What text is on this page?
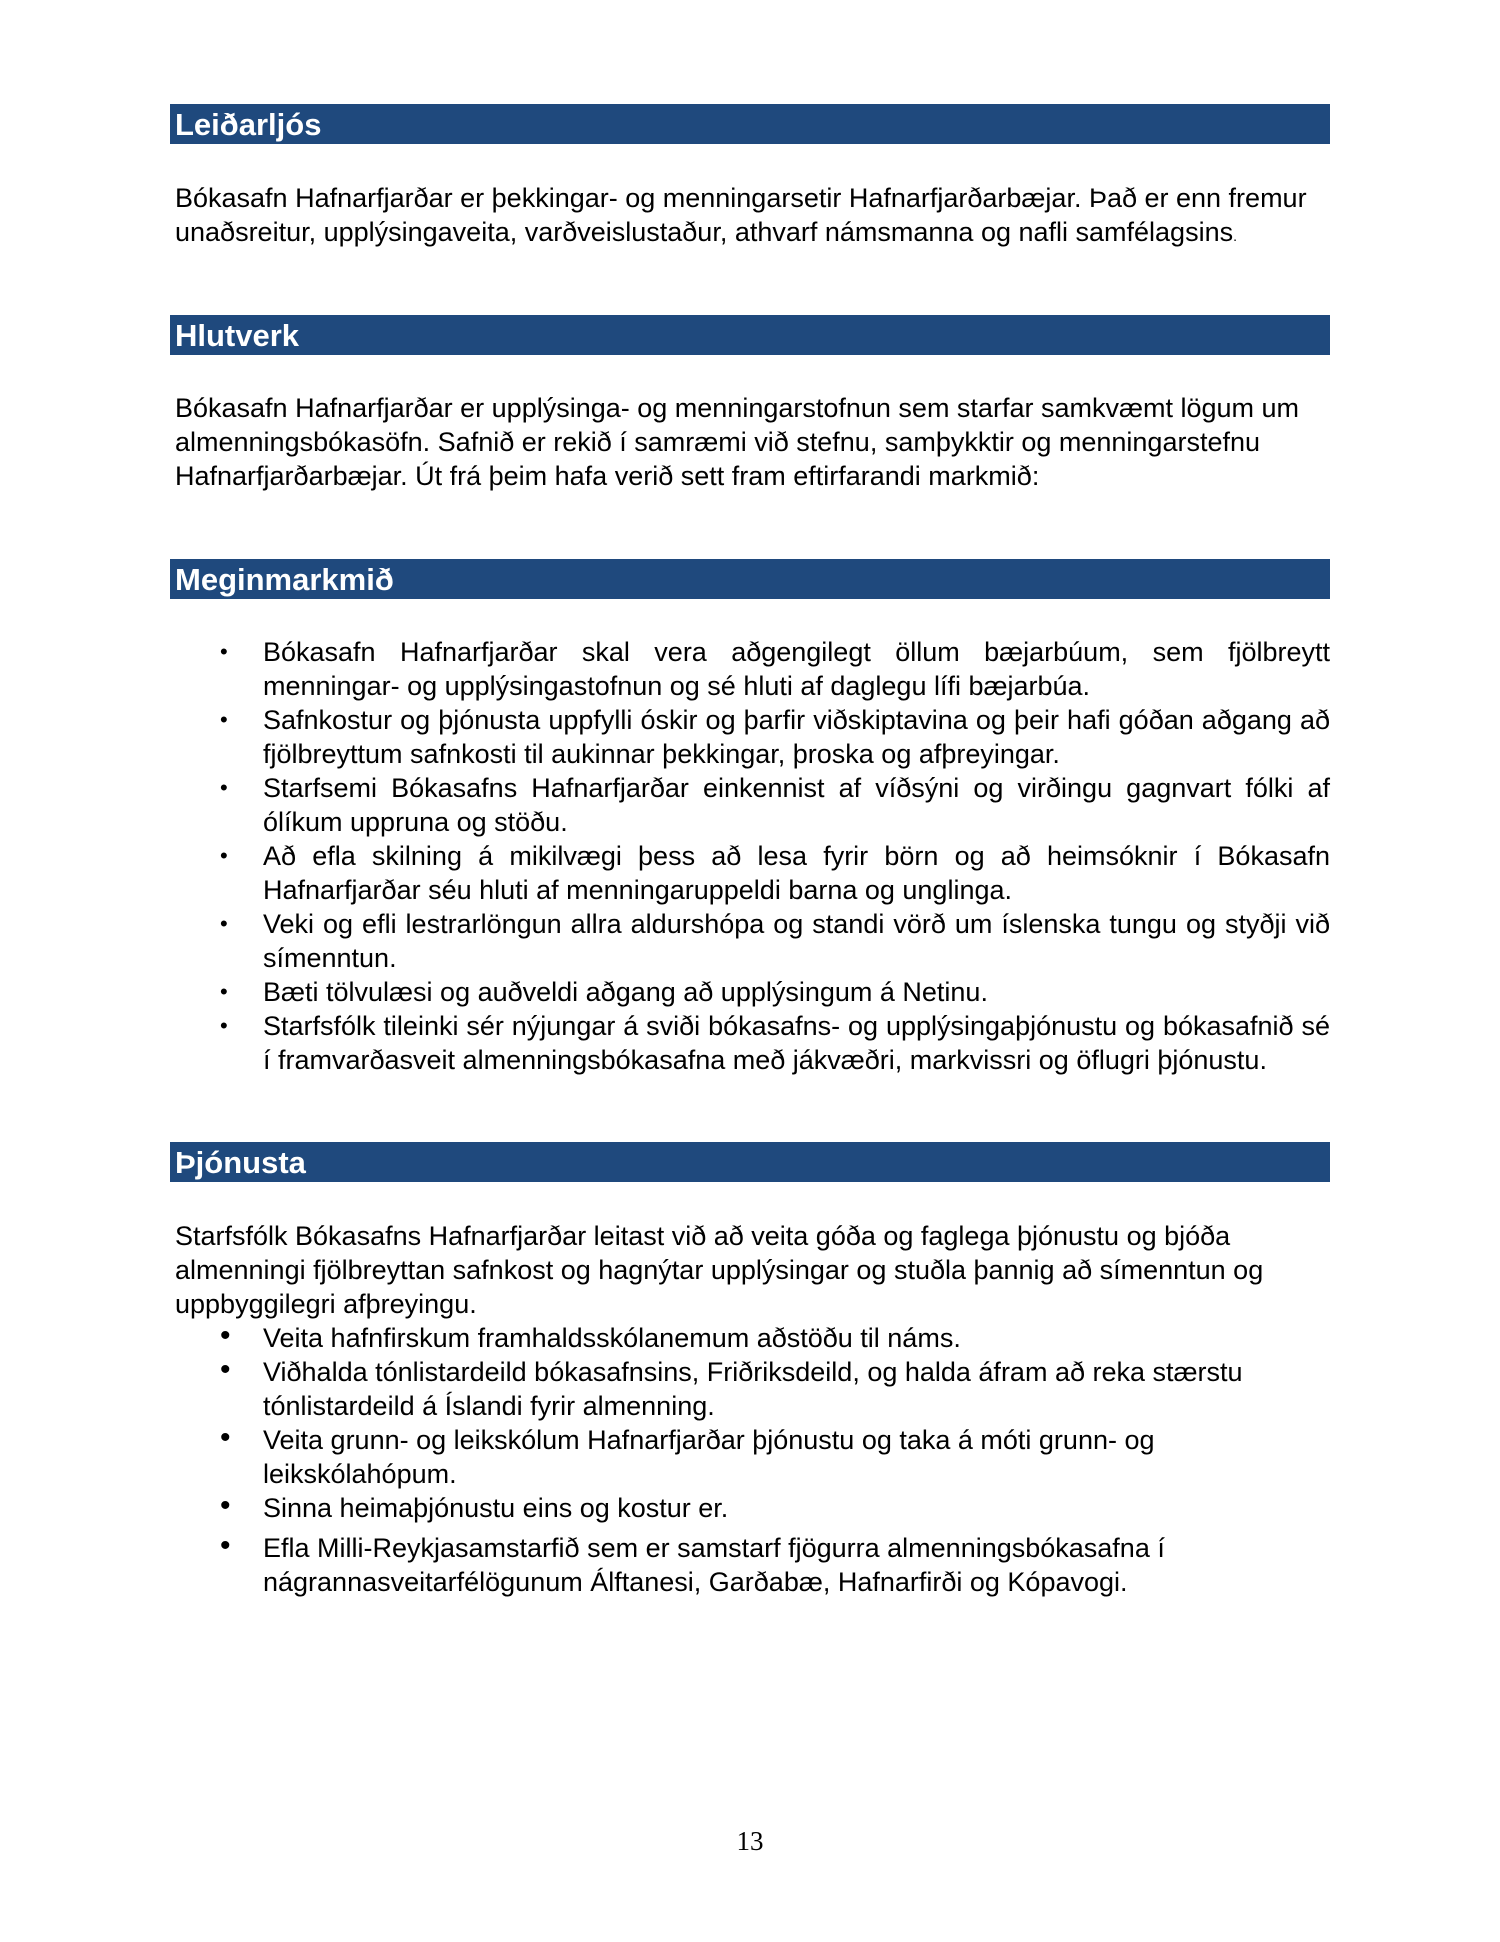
Leiðarljós

Bókasafn Hafnarfjarðar er þekkingar- og menningarsetir Hafnarfjarðarbæjar. Það er enn fremur unaðsreitur, upplýsingaveita, varðveislustaður, athvarf námsmanna og nafli samfélagsins.

Hlutverk

Bókasafn Hafnarfjarðar er upplýsinga- og menningarstofnun sem starfar samkvæmt lögum um almenningsbókasöfn. Safnið er rekið í samræmi við stefnu, samþykktir og menningarstefnu Hafnarfjarðarbæjar. Út frá þeim hafa verið sett fram eftirfarandi markmið:

Meginmarkmið
• Bókasafn Hafnarfjarðar skal vera aðgengilegt öllum bæjarbúum, sem fjölbreytt menningar- og upplýsingastofnun og sé hluti af daglegu lífi bæjarbúa.
• Safnkostur og þjónusta uppfylli óskir og þarfir viðskiptavina og þeir hafi góðan aðgang að fjölbreyttum safnkosti til aukinnar þekkingar, þroska og afþreyingar.
• Starfsemi Bókasafns Hafnarfjarðar einkennist af víðsýni og virðingu gagnvart fólki af ólíkum uppruna og stöðu.
• Að efla skilning á mikilvægi þess að lesa fyrir börn og að heimsóknir í Bókasafn Hafnarfjarðar séu hluti af menningaruppeldi barna og unglinga.
• Veki og efli lestrarlöngun allra aldurshópa og standi vörð um íslenska tungu og styðji við símenntun.
• Bæti tölvulæsi og auðveldi aðgang að upplýsingum á Netinu.
• Starfsfólk tileinki sér nýjungar á sviði bókasafns- og upplýsingaþjónustu og bókasafnið sé í framvarðasveit almenningsbókasafna með jákvæðri, markvissri og öflugri þjónustu.
Þjónusta

Starfsfólk Bókasafns Hafnarfjarðar leitast við að veita góða og faglega þjónustu og bjóða almenningi fjölbreyttan safnkost og hagnýtar upplýsingar og stuðla þannig að símenntun og uppbyggilegri afþreyingu.

• Veita hafnfirskum framhaldsskólanemum aðstöðu til náms.
• Viðhalda tónlistardeild bókasafnsins, Friðriksdeild, og halda áfram að reka stærstu tónlistardeild á Íslandi fyrir almenning.
• Veita grunn- og leikskólum Hafnarfjarðar þjónustu og taka á móti grunn- og leikskólahópum.
• Sinna heimaþjónustu eins og kostur er.
• Efla Milli-Reykjasamstarfið sem er samstarf fjögurra almenningsbókasafna í nágrannasveitarfélögunum Álftanesi, Garðabæ, Hafnarfirði og Kópavogi.
13
